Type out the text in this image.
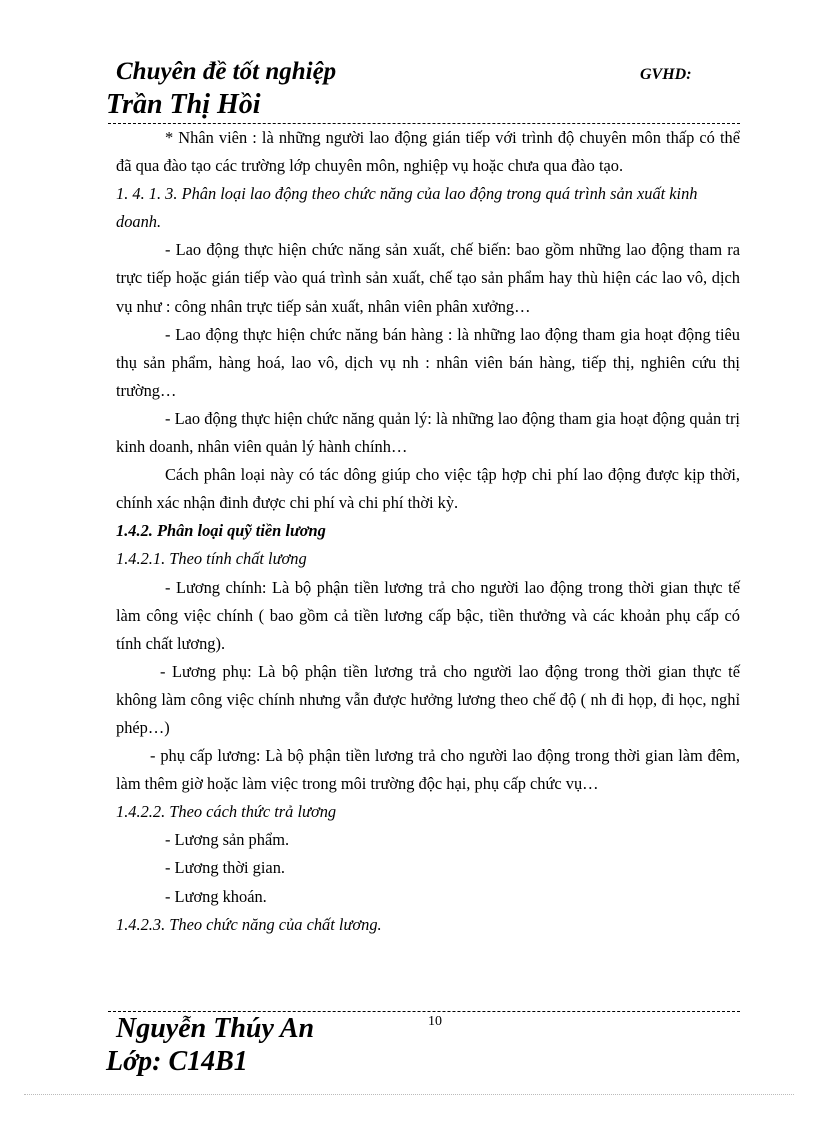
Chuyên đề tốt nghiệp	GVHD:
Trần Thị Hồi

* Nhân viên : là những người lao động gián tiếp với trình độ chuyên môn thấp có thể đã qua đào tạo các trường lớp chuyên môn, nghiệp vụ hoặc chưa qua đào tạo.

1. 4. 1. 3. Phân loại lao động theo chức năng của lao động trong quá trình sản xuất kinh doanh.

- Lao động thực hiện chức năng sản xuất, chế biến: bao gồm những lao động tham ra trực tiếp hoặc gián tiếp vào quá trình sản xuất, chế tạo sản phẩm hay thù hiện các lao vô, dịch vụ như : công nhân trực tiếp sản xuất, nhân viên phân xưởng…

- Lao động thực hiện chức năng bán hàng : là những lao động tham gia hoạt động tiêu thụ sản phẩm, hàng hoá, lao vô, dịch vụ nh : nhân viên bán hàng, tiếp thị, nghiên cứu thị trường…

- Lao động thực hiện chức năng quản lý: là những lao động tham gia hoạt động quản trị kinh doanh, nhân viên quản lý hành chính…

Cách phân loại này có tác dông giúp cho việc tập hợp chi phí lao động được kịp thời, chính xác nhận đinh được chi phí và chi phí thời kỳ.

1.4.2. Phân loại quỹ tiền lương

1.4.2.1. Theo tính chất lương

- Lương chính: Là bộ phận tiền lương trả cho người lao động trong thời gian thực tế làm công việc chính ( bao gồm cả tiền lương cấp bậc, tiền thưởng và các khoản phụ cấp có tính chất lương).

- Lương phụ: Là bộ phận tiền lương trả cho người lao động trong thời gian thực tế không làm công việc chính nhưng vẫn được hưởng lương theo chế độ ( nh đi họp, đi học, nghỉ phép…)

- phụ cấp lương: Là bộ phận tiền lương trả cho người lao động trong thời gian làm đêm, làm thêm giờ hoặc làm việc trong môi trường độc hại, phụ cấp chức vụ…

1.4.2.2. Theo cách thức trả lương

- Lương sản phẩm.

- Lương thời gian.

- Lương khoán.

1.4.2.3. Theo chức năng của chất lương.

10
Nguyễn Thúy An
Lớp: C14B1
